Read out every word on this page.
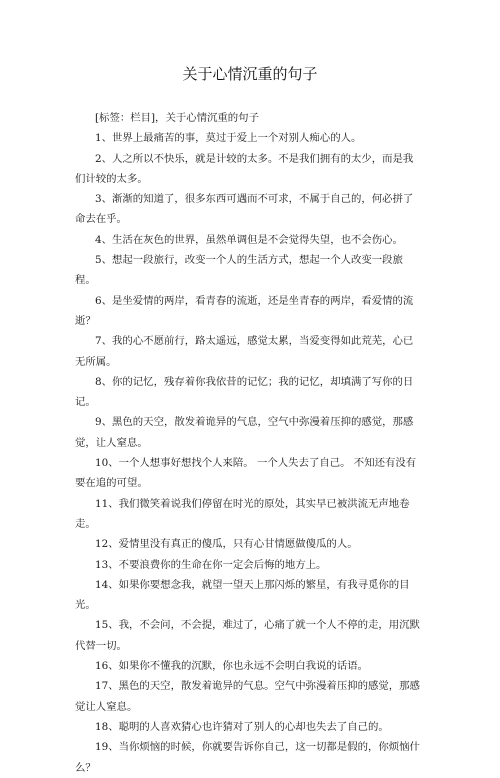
关于心情沉重的句子

[标签：栏目]，关于心情沉重的句子

1、世界上最痛苦的事，莫过于爱上一个对别人痴心的人。

2、人之所以不快乐，就是计较的太多。不是我们拥有的太少，而是我们计较的太多。

3、渐渐的知道了，很多东西可遇而不可求，不属于自己的，何必拼了命去在乎。

4、生活在灰色的世界，虽然单调但是不会觉得失望，也不会伤心。

5、想起一段旅行，改变一个人的生活方式，想起一个人改变一段旅程。

6、是坐爱情的两岸，看青春的流逝，还是坐青春的两岸，看爱情的流逝？

7、我的心不愿前行，路太遥远，感觉太累，当爱变得如此荒芜，心已无所属。

8、你的记忆，残存着你我依昔的记忆；我的记忆，却填满了写你的日记。

9、黑色的天空，散发着诡异的气息，空气中弥漫着压抑的感觉，那感觉，让人窒息。

10、一个人想事好想找个人来陪。 一个人失去了自己。 不知还有没有要在追的可望。

11、我们微笑着说我们停留在时光的原处，其实早已被洪流无声地卷走。

12、爱情里没有真正的傻瓜，只有心甘情愿做傻瓜的人。

13、不要浪费你的生命在你一定会后悔的地方上。

14、如果你要想念我，就望一望天上那闪烁的繁星，有我寻觅你的目光。

15、我，不会问，不会提，难过了，心痛了就一个人不停的走，用沉默代替一切。

16、如果你不懂我的沉默，你也永远不会明白我说的话语。

17、黑色的天空，散发着诡异的气息。空气中弥漫着压抑的感觉，那感觉让人窒息。

18、聪明的人喜欢猜心也许猜对了别人的心却也失去了自己的。

19、当你烦恼的时候，你就要告诉你自己，这一切都是假的，你烦恼什么？
